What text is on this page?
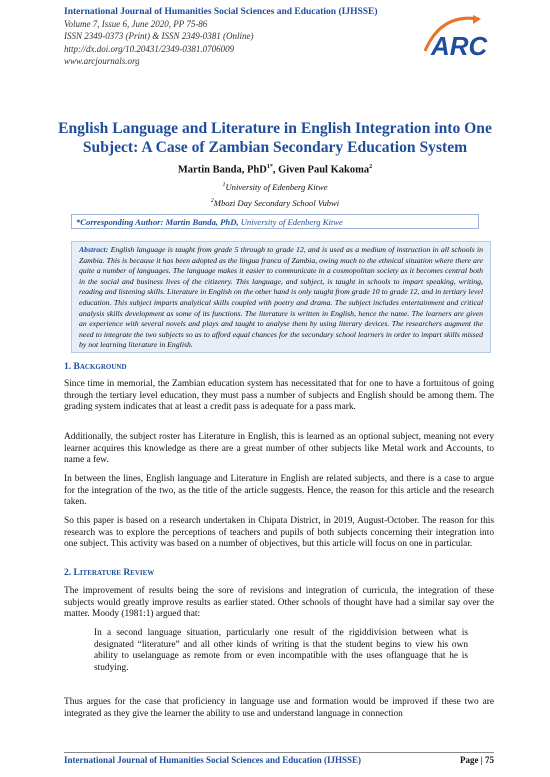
International Journal of Humanities Social Sciences and Education (IJHSSE)
Volume 7, Issue 6, June 2020, PP 75-86
ISSN 2349-0373 (Print) & ISSN 2349-0381 (Online)
http://dx.doi.org/10.20431/2349-0381.0706009
www.arcjournals.org	ARC
English Language and Literature in English Integration into One Subject: A Case of Zambian Secondary Education System
Martin Banda, PhD$^{1*}$, Given Paul Kakoma$^2$
$^1$University of Edenberg Kitwe
$^2$Mbozi Day Secondary School Vubwi
*Corresponding Author: Martin Banda, PhD, University of Edenberg Kitwe
Abstract: English language is taught from grade 5 through to grade 12, and is used as a medium of instruction in all schools in Zambia. This is because it has been adopted as the lingua franca of Zambia, owing much to the ethnical situation where there are quite a number of languages. The language makes it easier to communicate in a cosmopolitan society as it becomes central both in the social and business lives of the citizenry. This language, and subject, is taught in schools to impart speaking, writing, reading and listening skills. Literature in English on the other hand is only taught from grade 10 to grade 12, and in tertiary level education. This subject imparts analytical skills coupled with poetry and drama. The subject includes entertainment and critical analysis skills development as some of its functions. The literature is written in English, hence the name. The learners are given an experience with several novels and plays and taught to analyse them by using literary devices. The researchers augment the need to integrate the two subjects so as to afford equal chances for the secondary school learners in order to impart skills missed by not learning literature in English.
1. Background
Since time in memorial, the Zambian education system has necessitated that for one to have a fortuitous of going through the tertiary level education, they must pass a number of subjects and English should be among them. The grading system indicates that at least a credit pass is adequate for a pass mark.
Additionally, the subject roster has Literature in English, this is learned as an optional subject, meaning not every learner acquires this knowledge as there are a great number of other subjects like Metal work and Accounts, to name a few.
In between the lines, English language and Literature in English are related subjects, and there is a case to argue for the integration of the two, as the title of the article suggests. Hence, the reason for this article and the research taken.
So this paper is based on a research undertaken in Chipata District, in 2019, August-October. The reason for this research was to explore the perceptions of teachers and pupils of both subjects concerning their integration into one subject. This activity was based on a number of objectives, but this article will focus on one in particular.
2. Literature Review
The improvement of results being the sore of revisions and integration of curricula, the integration of these subjects would greatly improve results as earlier stated. Other schools of thought have had a similar say over the matter. Moody (1981:1) argued that:
In a second language situation, particularly one result of the rigiddivision between what is designated “literature” and all other kinds of writing is that the student begins to view his own ability to uselanguage as remote from or even incompatible with the uses oflanguage that he is studying.
Thus argues for the case that proficiency in language use and formation would be improved if these two are integrated as they give the learner the ability to use and understand language in connection
International Journal of Humanities Social Sciences and Education (IJHSSE)	Page | 75
